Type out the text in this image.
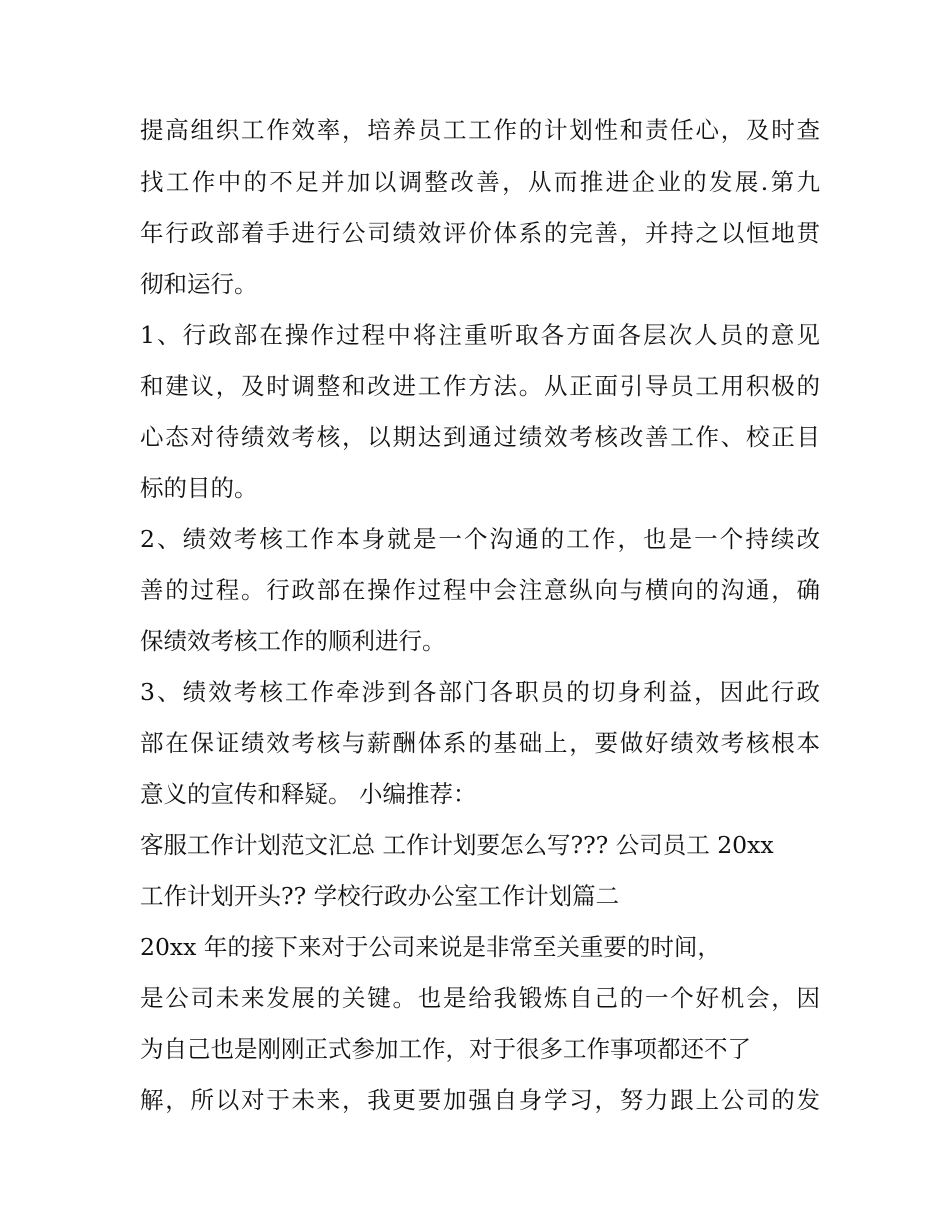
提高组织工作效率，培养员工工作的计划性和责任心，及时查
找工作中的不足并加以调整改善，从而推进企业的发展.第九
年行政部着手进行公司绩效评价体系的完善，并持之以恒地贯
彻和运行。
1、行政部在操作过程中将注重听取各方面各层次人员的意见
和建议，及时调整和改进工作方法。从正面引导员工用积极的
心态对待绩效考核，以期达到通过绩效考核改善工作、校正目
标的目的。
2、绩效考核工作本身就是一个沟通的工作，也是一个持续改
善的过程。行政部在操作过程中会注意纵向与横向的沟通，确
保绩效考核工作的顺利进行。
3、绩效考核工作牵涉到各部门各职员的切身利益，因此行政
部在保证绩效考核与薪酬体系的基础上，要做好绩效考核根本
意义的宣传和释疑。 小编推荐：
客服工作计划范文汇总 工作计划要怎么写??? 公司员工 20xx
工作计划开头?? 学校行政办公室工作计划篇二
20xx 年的接下来对于公司来说是非常至关重要的时间，
是公司未来发展的关键。也是给我锻炼自己的一个好机会，因
为自己也是刚刚正式参加工作，对于很多工作事项都还不了
解，所以对于未来，我更要加强自身学习，努力跟上公司的发
